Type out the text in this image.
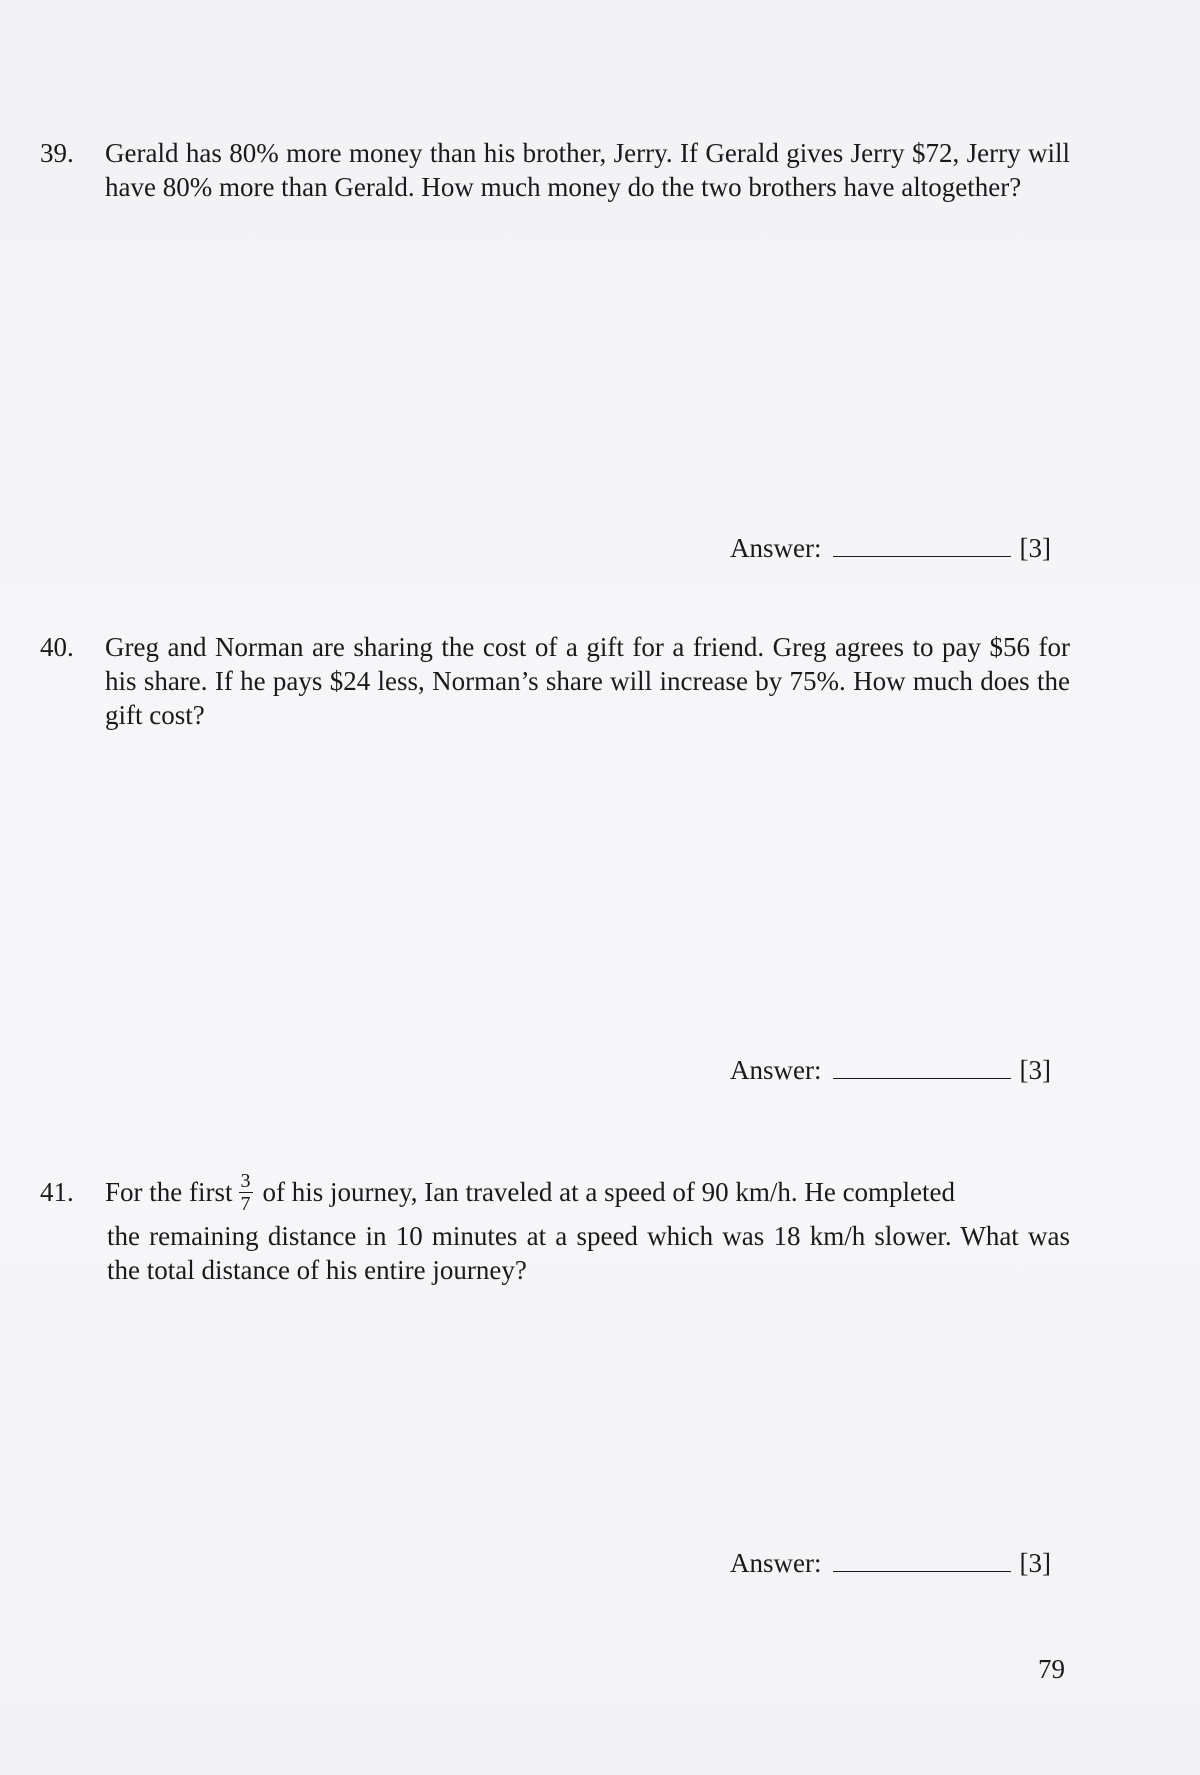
39.	Gerald has 80% more money than his brother, Jerry. If Gerald gives Jerry $72, Jerry will have 80% more than Gerald. How much money do the two brothers have altogether?
Answer:	[3]
40.	Greg and Norman are sharing the cost of a gift for a friend. Greg agrees to pay $56 for his share. If he pays $24 less, Norman’s share will increase by 75%. How much does the gift cost?
Answer:	[3]
41.	For the first $\frac{3}{7}$ of his journey, Ian traveled at a speed of 90 km/h. He completed
the remaining distance in 10 minutes at a speed which was 18 km/h slower. What was the total distance of his entire journey?
Answer:	[3]
79
